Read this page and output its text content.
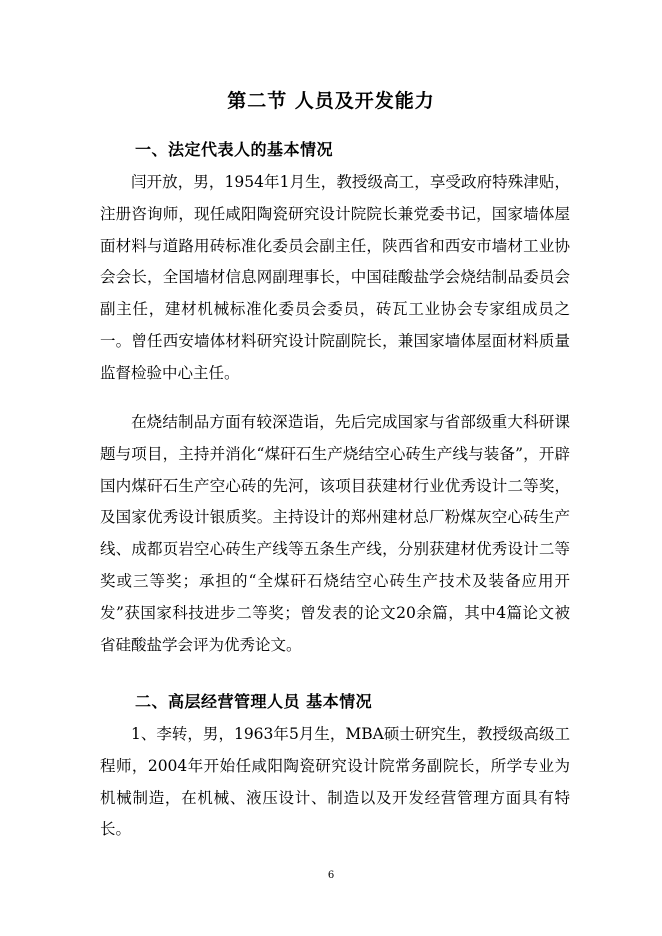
第二节 人员及开发能力
一、法定代表人的基本情况

闫开放，男，1954年1月生，教授级高工，享受政府特殊津贴，注册咨询师，现任咸阳陶瓷研究设计院院长兼党委书记，国家墙体屋面材料与道路用砖标准化委员会副主任，陕西省和西安市墙材工业协会会长，全国墙材信息网副理事长，中国硅酸盐学会烧结制品委员会副主任，建材机械标准化委员会委员，砖瓦工业协会专家组成员之一。曾任西安墙体材料研究设计院副院长，兼国家墙体屋面材料质量监督检验中心主任。

在烧结制品方面有较深造诣，先后完成国家与省部级重大科研课题与项目，主持并消化“煤矸石生产烧结空心砖生产线与装备”，开辟国内煤矸石生产空心砖的先河，该项目获建材行业优秀设计二等奖，及国家优秀设计银质奖。主持设计的郑州建材总厂粉煤灰空心砖生产线、成都页岩空心砖生产线等五条生产线，分别获建材优秀设计二等奖或三等奖；承担的“全煤矸石烧结空心砖生产技术及装备应用开发”获国家科技进步二等奖；曾发表的论文20余篇，其中4篇论文被省硅酸盐学会评为优秀论文。

二、高层经营管理人员 基本情况

1、李转，男，1963年5月生，MBA硕士研究生，教授级高级工程师，2004年开始任咸阳陶瓷研究设计院常务副院长，所学专业为机械制造，在机械、液压设计、制造以及开发经营管理方面具有特长。

6
